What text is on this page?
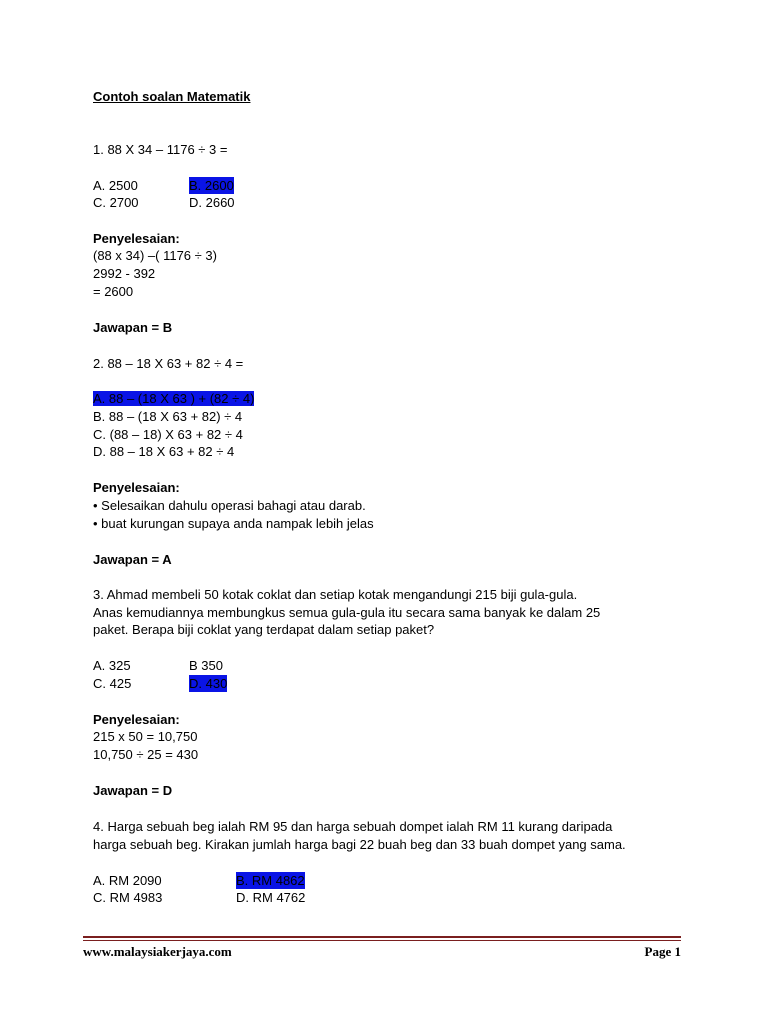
Contoh soalan Matematik
1. 88 X 34 – 1176 ÷ 3 =
A. 2500	B. 2600
C. 2700	D. 2660
Penyelesaian:
(88 x 34) –( 1176 ÷ 3)
2992 - 392
= 2600
Jawapan = B
2. 88 – 18 X 63 + 82 ÷ 4 =
A. 88 – (18 X 63 ) + (82 ÷ 4)
B. 88 – (18 X 63 + 82) ÷ 4
C. (88 – 18) X 63 + 82 ÷ 4
D. 88 – 18 X 63 + 82 ÷ 4
Penyelesaian:
• Selesaikan dahulu operasi bahagi atau darab.
• buat kurungan supaya anda nampak lebih jelas
Jawapan = A
3. Ahmad membeli 50 kotak coklat dan setiap kotak mengandungi 215 biji gula-gula.
Anas kemudiannya membungkus semua gula-gula itu secara sama banyak ke dalam 25
paket. Berapa biji coklat yang terdapat dalam setiap paket?
A. 325	B 350
C. 425	D. 430
Penyelesaian:
215 x 50 = 10,750
10,750 ÷ 25 = 430
Jawapan = D
4. Harga sebuah beg ialah RM 95 dan harga sebuah dompet ialah RM 11 kurang daripada
harga sebuah beg. Kirakan jumlah harga bagi 22 buah beg dan 33 buah dompet yang sama.
A. RM 2090	B. RM 4862
C. RM 4983	D. RM 4762
www.malaysiakerjaya.com	Page 1
